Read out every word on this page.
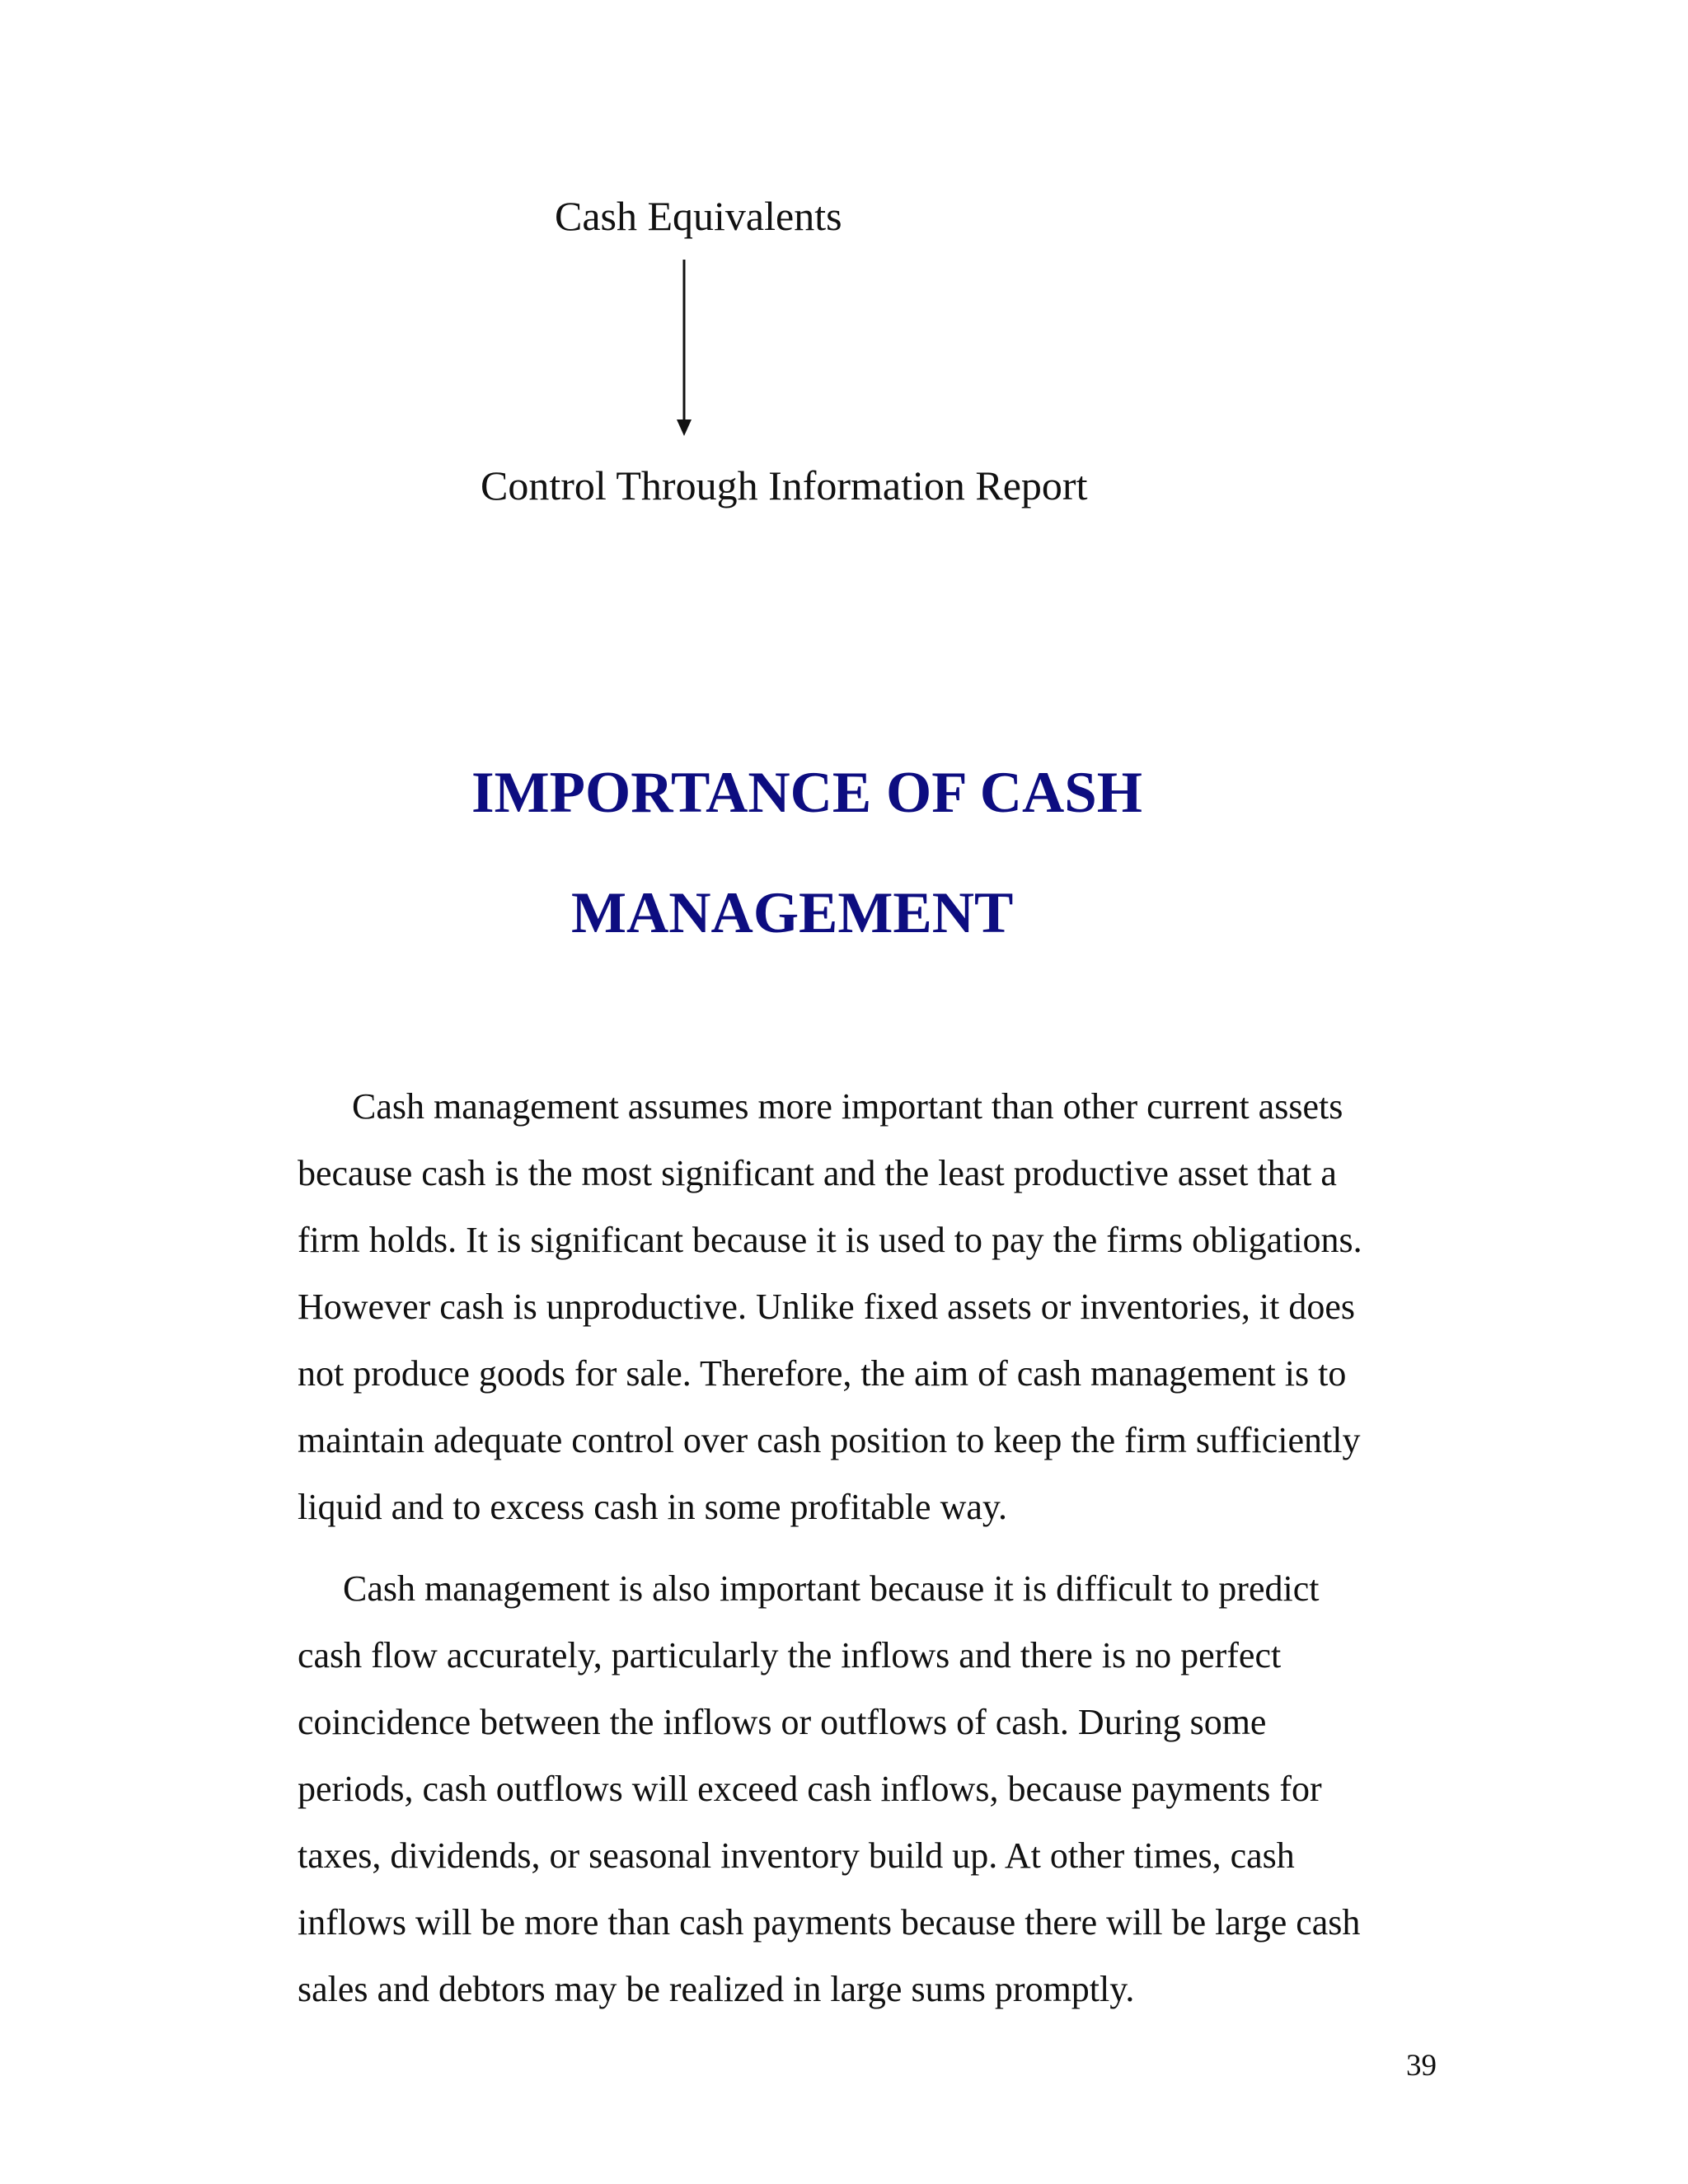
Cash Equivalents
Control Through Information Report
IMPORTANCE OF CASH
MANAGEMENT
Cash management assumes more important than other current assets
because cash is the most significant and the least productive asset that a
firm holds. It is significant because it is used to pay the firms obligations.
However cash is unproductive. Unlike fixed assets or inventories, it does
not produce goods for sale. Therefore, the aim of cash management is to
maintain adequate control over cash position to keep the firm sufficiently
liquid and to excess cash in some profitable way.
Cash management is also important because it is difficult to predict
cash flow accurately, particularly the inflows and there is no perfect
coincidence between the inflows or outflows of cash. During some
periods, cash outflows will exceed cash inflows, because payments for
taxes, dividends, or seasonal inventory build up. At other times, cash
inflows will be more than cash payments because there will be large cash
sales and debtors may be realized in large sums promptly.
39
